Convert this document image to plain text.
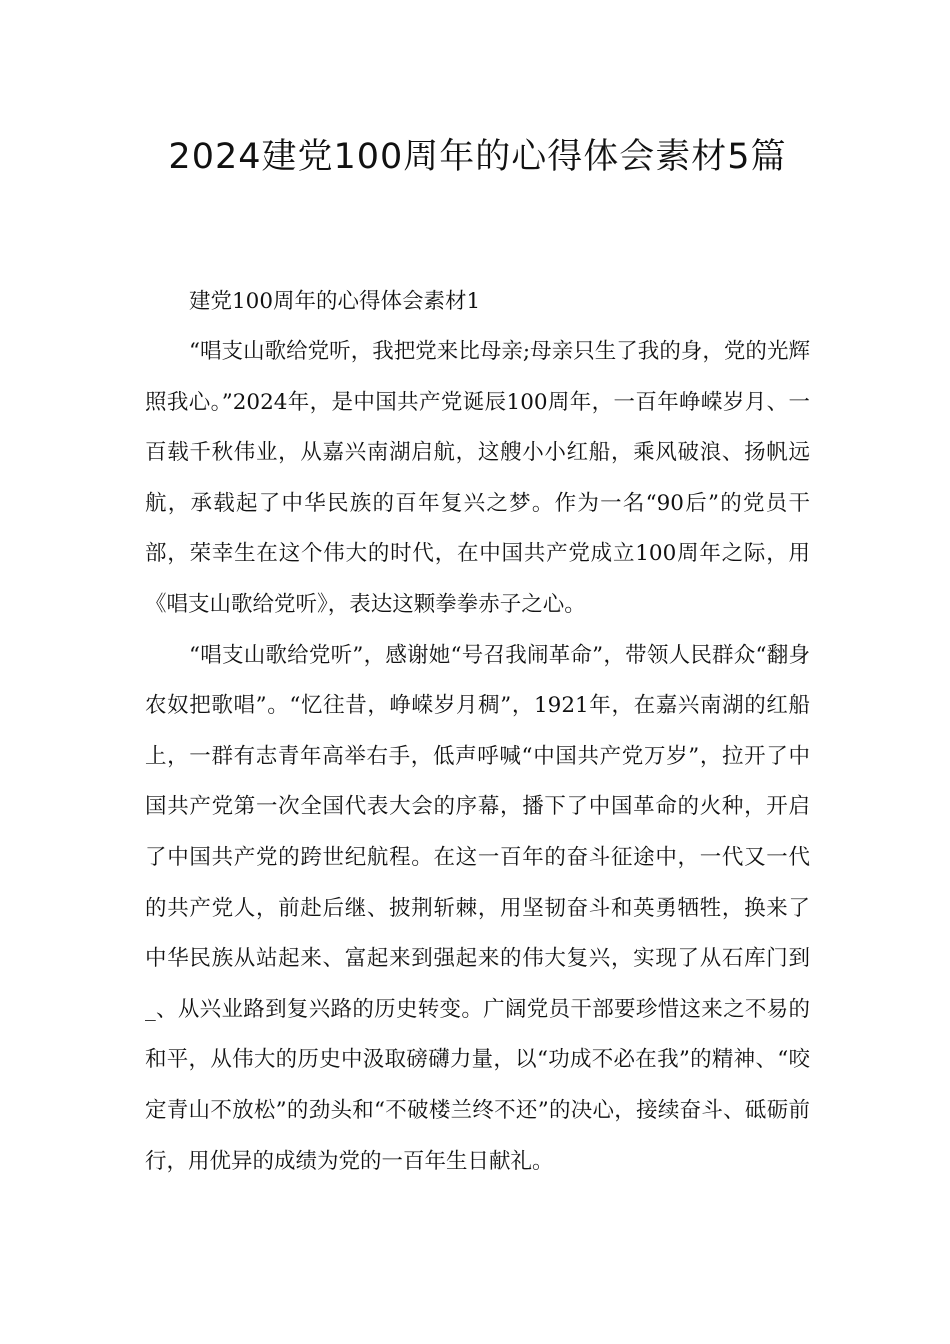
2024建党100周年的心得体会素材5篇

建党100周年的心得体会素材1

“唱支山歌给党听，我把党来比母亲;母亲只生了我的身，党的光辉照我心。”2024年，是中国共产党诞辰100周年，一百年峥嵘岁月、一百载千秋伟业，从嘉兴南湖启航，这艘小小红船，乘风破浪、扬帆远航，承载起了中华民族的百年复兴之梦。作为一名“90后”的党员干部，荣幸生在这个伟大的时代，在中国共产党成立100周年之际，用《唱支山歌给党听》，表达这颗拳拳赤子之心。

“唱支山歌给党听”，感谢她“号召我闹革命”，带领人民群众“翻身农奴把歌唱”。“忆往昔，峥嵘岁月稠”，1921年，在嘉兴南湖的红船上，一群有志青年高举右手，低声呼喊“中国共产党万岁”，拉开了中国共产党第一次全国代表大会的序幕，播下了中国革命的火种，开启了中国共产党的跨世纪航程。在这一百年的奋斗征途中，一代又一代的共产党人，前赴后继、披荆斩棘，用坚韧奋斗和英勇牺牲，换来了中华民族从站起来、富起来到强起来的伟大复兴，实现了从石库门到_、从兴业路到复兴路的历史转变。广阔党员干部要珍惜这来之不易的和平，从伟大的历史中汲取磅礴力量，以“功成不必在我”的精神、“咬定青山不放松”的劲头和“不破楼兰终不还”的决心，接续奋斗、砥砺前行，用优异的成绩为党的一百年生日献礼。
